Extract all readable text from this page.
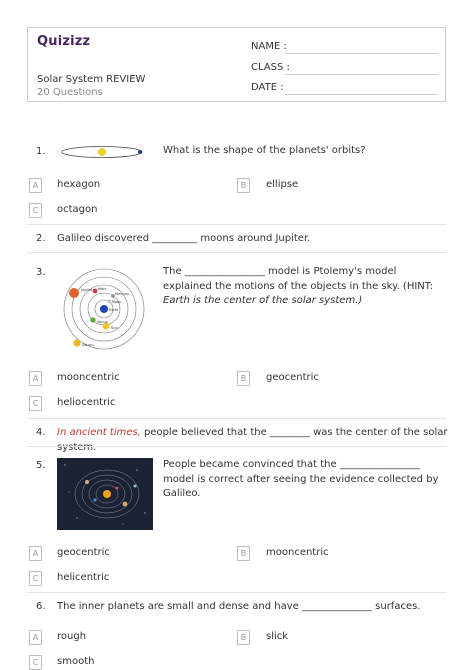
Quizizz
Solar System REVIEW
20 Questions
NAME :
CLASS :
DATE :
1.	What is the shape of the planets' orbits?
A	hexagon	B	ellipse
C	octagon
2. Galileo discovered _________ moons around Jupiter.
3.
Jupiter Mars
Mercury
Moon
Earth
Venus
Sun
Saturn
The ________________ model is Ptolemy's model explained the motions of the objects in the sky. (HINT: Earth is the center of the solar system.)
A	mooncentric	B	geocentric
C	heliocentric
4. In ancient times, people believed that the ________ was the center of the solar system.
5.	People became convinced that the ________________ model is correct after seeing the evidence collected by Galileo.
A	geocentric	B	mooncentric
C	helicentric
6. The inner planets are small and dense and have ______________ surfaces.
A	rough	B	slick
C	smooth
